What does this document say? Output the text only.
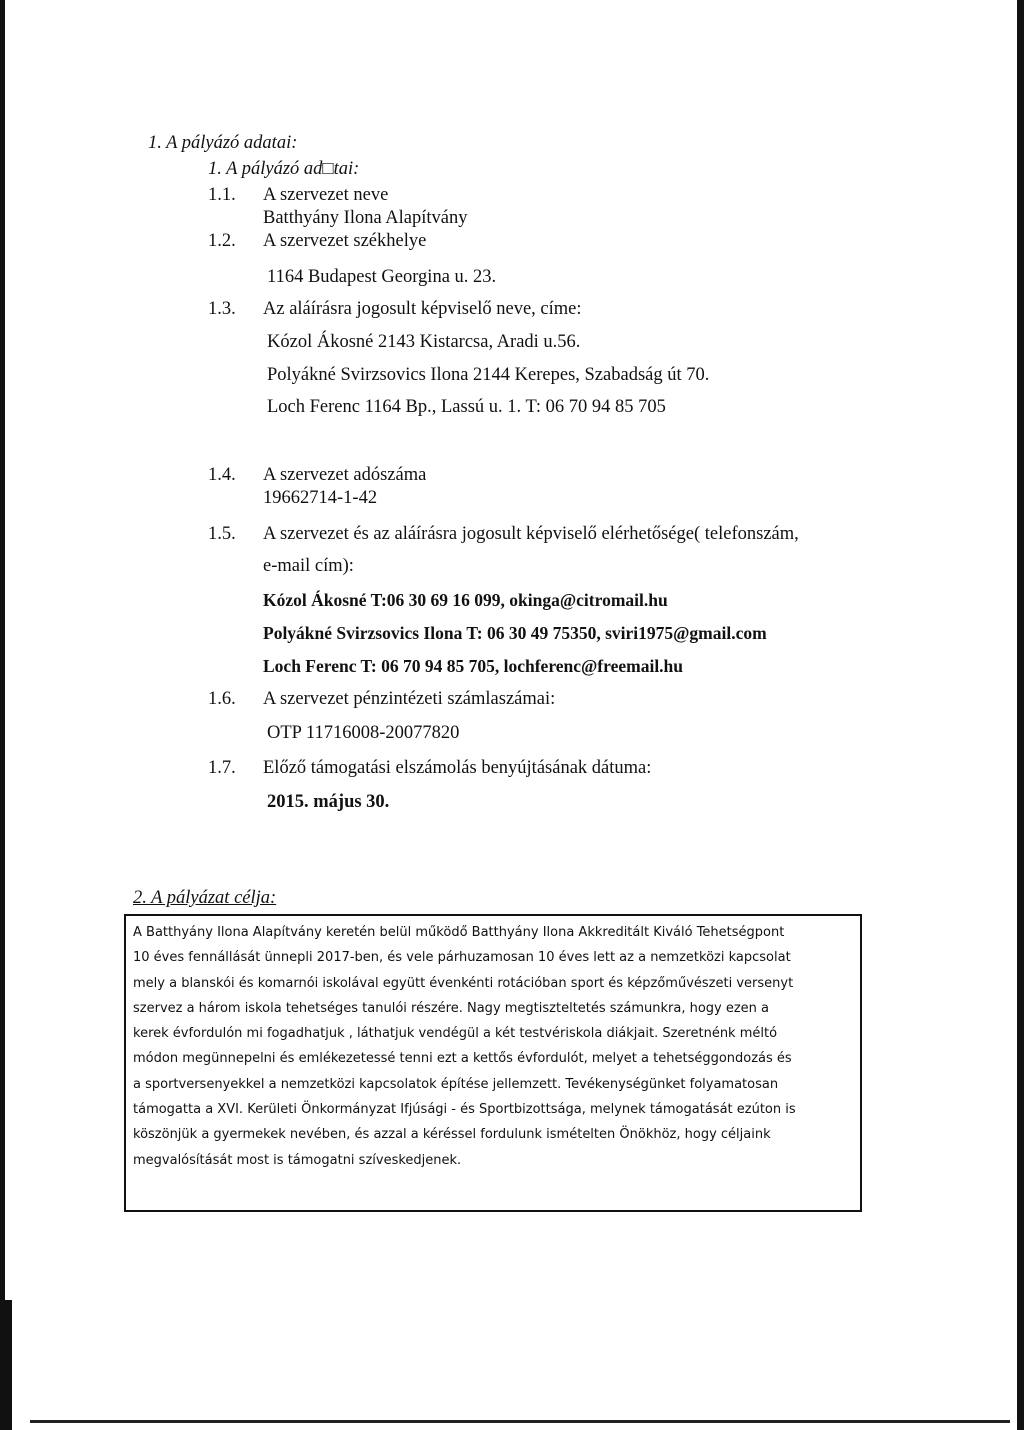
1. A pályázó adatai:
1. A pályázó ad□tai:
1.1. A szervezet neve
Batthyány Ilona Alapítvány
1.2. A szervezet székhelye
1164 Budapest Georgina u. 23.
1.3. Az aláírásra jogosult képviselő neve, címe:
Kózol Ákosné 2143 Kistarcsa, Aradi u.56.
Polyákné Svirzsovics Ilona 2144 Kerepes, Szabadság út 70.
Loch Ferenc 1164 Bp., Lassú u. 1. T: 06 70 94 85 705
1.4. A szervezet adószáma
19662714-1-42
1.5. A szervezet és az aláírásra jogosult képviselő elérhetősége( telefonszám,
e-mail cím):
Kózol Ákosné T:06 30 69 16 099, okinga@citromail.hu
Polyákné Svirzsovics Ilona T: 06 30 49 75350, sviri1975@gmail.com
Loch Ferenc T: 06 70 94 85 705, lochferenc@freemail.hu
1.6. A szervezet pénzintézeti számlaszámai:
OTP 11716008-20077820
1.7. Előző támogatási elszámolás benyújtásának dátuma:
2015. május 30.
2. A pályázat célja:
A Batthyány Ilona Alapítvány keretén belül működő Batthyány Ilona Akkreditált Kiváló Tehetségpont
10 éves fennállását ünnepli 2017-ben, és vele párhuzamosan 10 éves lett az a nemzetközi kapcsolat
mely a blanskói és komarnói iskolával együtt évenkénti rotációban sport és képzőművészeti versenyt
szervez a három iskola tehetséges tanulói részére. Nagy megtiszteltetés számunkra, hogy ezen a
kerek évfordulón mi fogadhatjuk , láthatjuk vendégül a két testvériskola diákjait. Szeretnénk méltó
módon megünnepelni és emlékezetessé tenni ezt a kettős évfordulót, melyet a tehetséggondozás és
a sportversenyekkel a nemzetközi kapcsolatok építése jellemzett. Tevékenységünket folyamatosan
támogatta a XVI. Kerületi Önkormányzat Ifjúsági - és Sportbizottsága, melynek támogatását ezúton is
köszönjük a gyermekek nevében, és azzal a kéréssel fordulunk ismételten Önökhöz, hogy céljaink
megvalósítását most is támogatni szíveskedjenek.
